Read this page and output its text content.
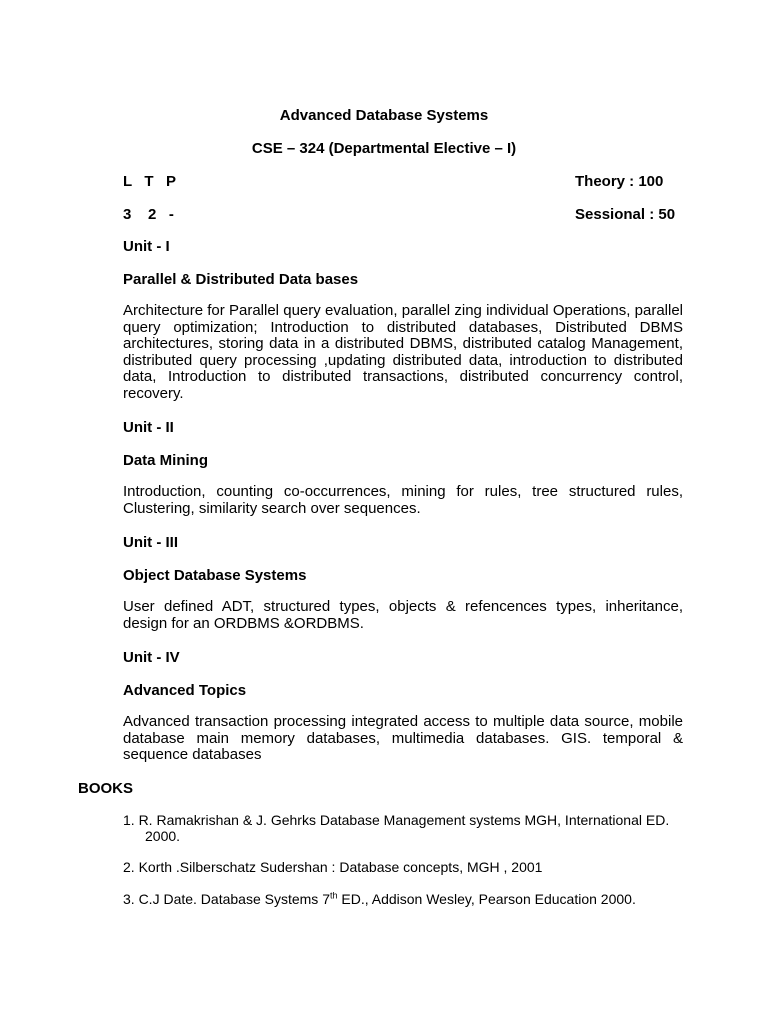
Advanced Database Systems
CSE – 324 (Departmental Elective – I)
L   T   P	Theory : 100
3    2   -	Sessional : 50
Unit - I
Parallel & Distributed Data bases

Architecture for Parallel query evaluation, parallel zing individual Operations, parallel query optimization; Introduction to distributed databases, Distributed DBMS architectures, storing data in a distributed DBMS, distributed catalog Management, distributed query processing ,updating distributed data, introduction to distributed data, Introduction to distributed transactions, distributed concurrency control, recovery.

Unit - II
Data Mining

Introduction, counting co-occurrences, mining for rules, tree structured rules, Clustering, similarity search over sequences.

Unit - III
Object Database Systems

User defined ADT, structured types, objects & refencences types, inheritance, design for an ORDBMS &ORDBMS.

Unit - IV
Advanced Topics

Advanced transaction processing integrated access to multiple data source, mobile database main memory databases, multimedia databases. GIS. temporal & sequence databases

BOOKS
1. R. Ramakrishan & J. Gehrks Database Management systems MGH, International ED.
2000.
2. Korth .Silberschatz Sudershan : Database concepts, MGH , 2001
3. C.J Date. Database Systems 7th ED., Addison Wesley, Pearson Education 2000.
